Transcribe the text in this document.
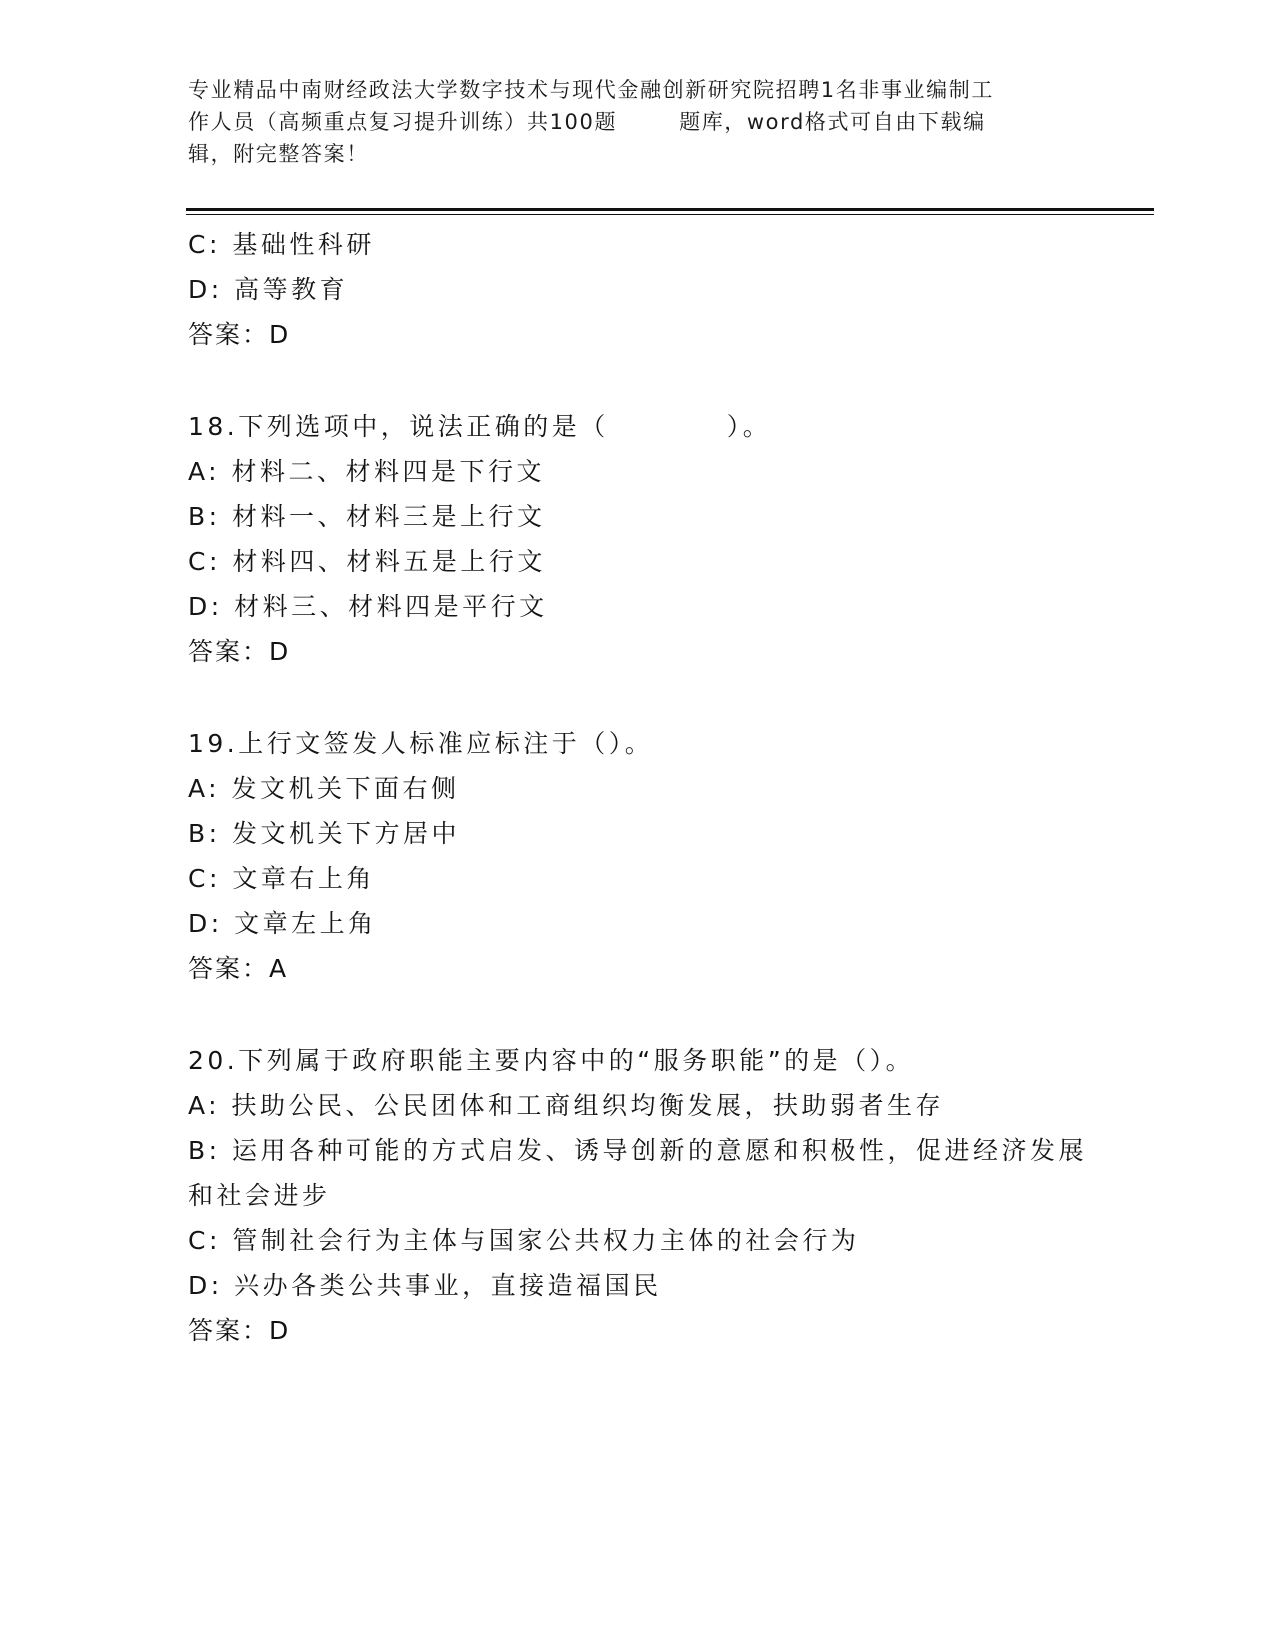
专业精品中南财经政法大学数字技术与现代金融创新研究院招聘1名非事业编制工
作人员（高频重点复习提升训练）共100题	题库，word格式可自由下载编
辑，附完整答案！
C: 基础性科研
D: 高等教育
答案：D
18.下列选项中，说法正确的是（	）。
A: 材料二、材料四是下行文
B: 材料一、材料三是上行文
C: 材料四、材料五是上行文
D: 材料三、材料四是平行文
答案：D
19.上行文签发人标准应标注于（）。
A: 发文机关下面右侧
B: 发文机关下方居中
C: 文章右上角
D: 文章左上角
答案：A
20.下列属于政府职能主要内容中的“服务职能”的是（）。
A: 扶助公民、公民团体和工商组织均衡发展，扶助弱者生存
B: 运用各种可能的方式启发、诱导创新的意愿和积极性，促进经济发展和社会进步
C: 管制社会行为主体与国家公共权力主体的社会行为
D: 兴办各类公共事业，直接造福国民
答案：D
